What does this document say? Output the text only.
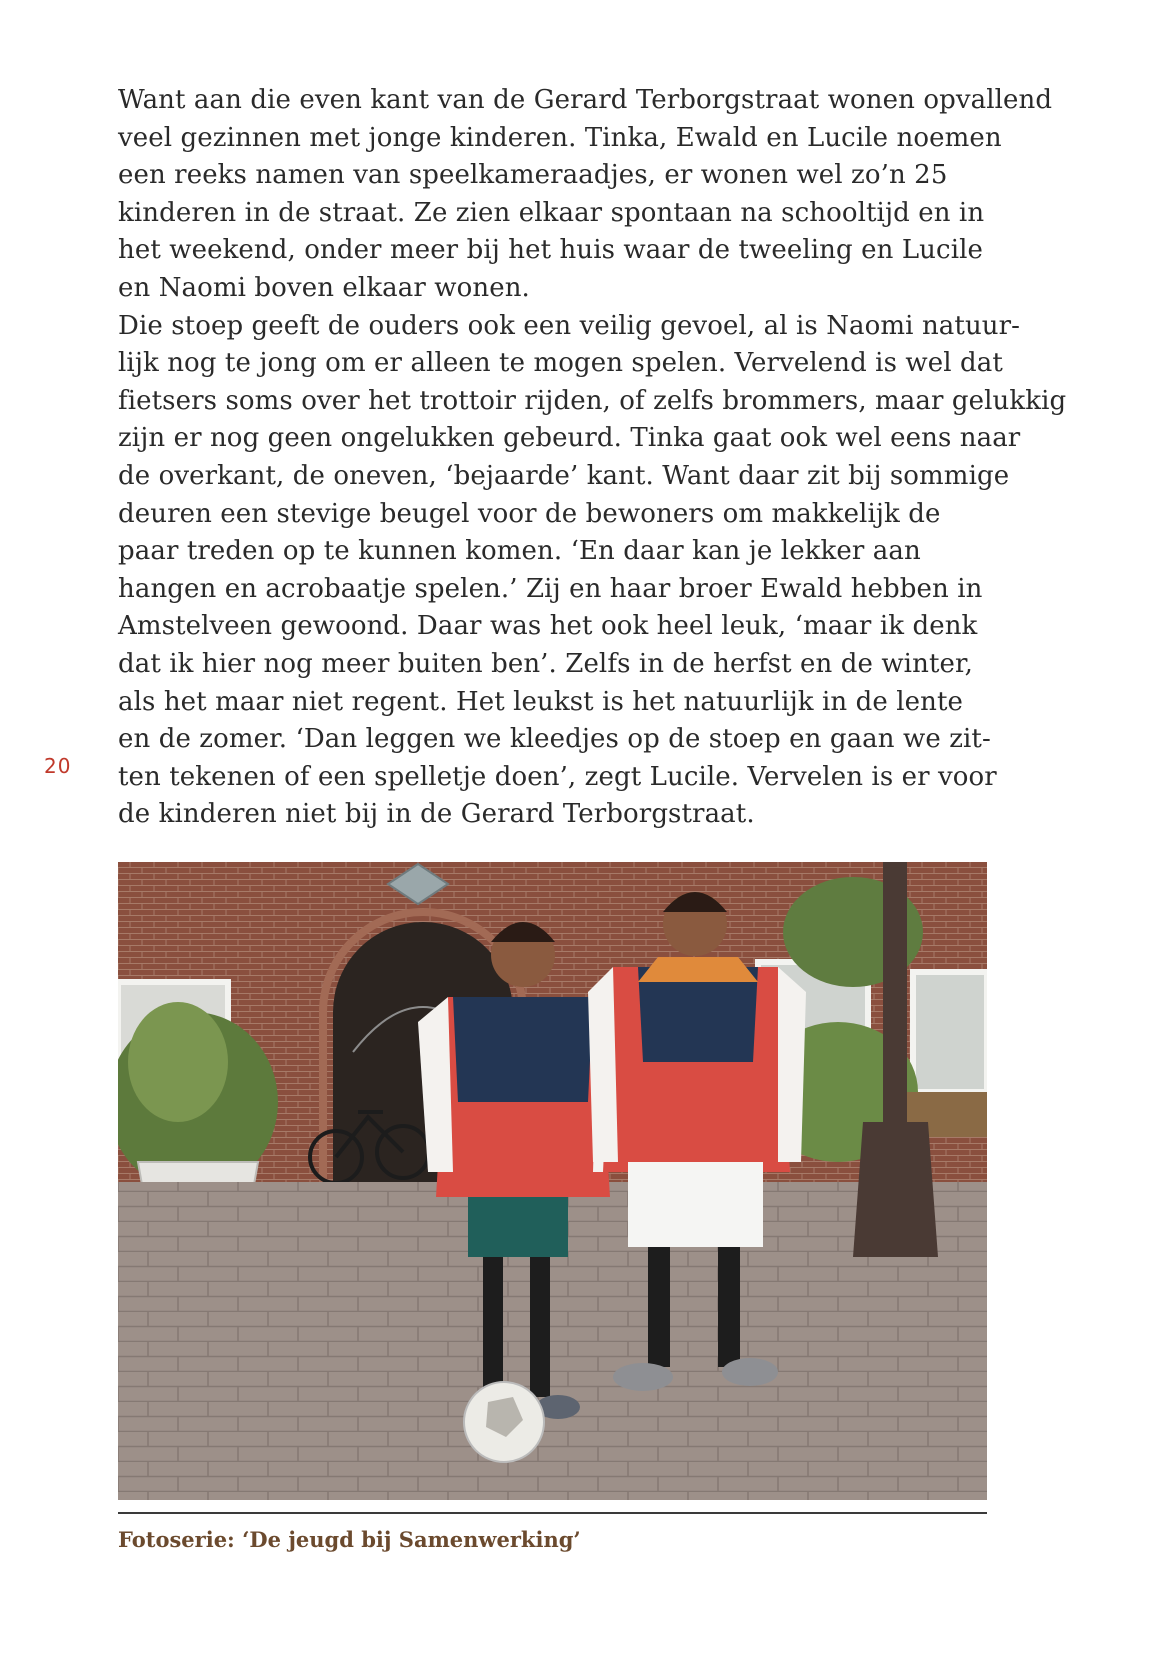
Want aan die even kant van de Gerard Terborgstraat wonen opvallend

veel gezinnen met jonge kinderen. Tinka, Ewald en Lucile noemen

een reeks namen van speelkameraadjes, er wonen wel zo’n 25

kinderen in de straat. Ze zien elkaar spontaan na schooltijd en in

het weekend, onder meer bij het huis waar de tweeling en Lucile

en Naomi boven elkaar wonen.

Die stoep geeft de ouders ook een veilig gevoel, al is Naomi natuur-

lijk nog te jong om er alleen te mogen spelen. Vervelend is wel dat

fietsers soms over het trottoir rijden, of zelfs brommers, maar gelukkig

zijn er nog geen ongelukken gebeurd. Tinka gaat ook wel eens naar

de overkant, de oneven, ‘bejaarde’ kant. Want daar zit bij sommige

deuren een stevige beugel voor de bewoners om makkelijk de

paar treden op te kunnen komen. ‘En daar kan je lekker aan

hangen en acrobaatje spelen.’ Zij en haar broer Ewald hebben in

Amstelveen gewoond. Daar was het ook heel leuk, ‘maar ik denk

dat ik hier nog meer buiten ben’. Zelfs in de herfst en de winter,

als het maar niet regent. Het leukst is het natuurlijk in de lente

en de zomer. ‘Dan leggen we kleedjes op de stoep en gaan we zit-

ten tekenen of een spelletje doen’, zegt Lucile. Vervelen is er voor

de kinderen niet bij in de Gerard Terborgstraat.

20
Fotoserie: ‘De jeugd bij Samenwerking’
